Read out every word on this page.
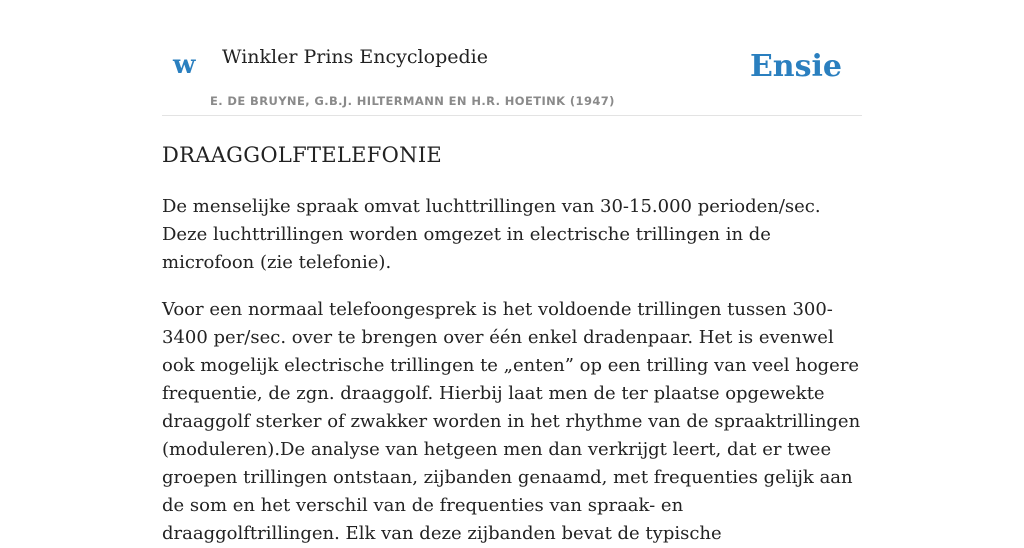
w Winkler Prins Encyclopedie
E. DE BRUYNE, G.B.J. HILTERMANN EN H.R. HOETINK (1947)
Ensie
DRAAGGOLFTELEFONIE

De menselijke spraak omvat luchttrillingen van 30-15.000 perioden/sec. Deze luchttrillingen worden omgezet in electrische trillingen in de microfoon (zie telefonie).

Voor een normaal telefoongesprek is het voldoende trillingen tussen 300-3400 per/sec. over te brengen over één enkel dradenpaar. Het is evenwel ook mogelijk electrische trillingen te „enten” op een trilling van veel hogere frequentie, de zgn. draaggolf. Hierbij laat men de ter plaatse opgewekte draaggolf sterker of zwakker worden in het rhythme van de spraaktrillingen (moduleren).De analyse van hetgeen men dan verkrijgt leert, dat er twee groepen trillingen ontstaan, zijbanden genaamd, met frequenties gelijk aan de som en het verschil van de frequenties van spraak- en draaggolftrillingen. Elk van deze zijbanden bevat de typische
